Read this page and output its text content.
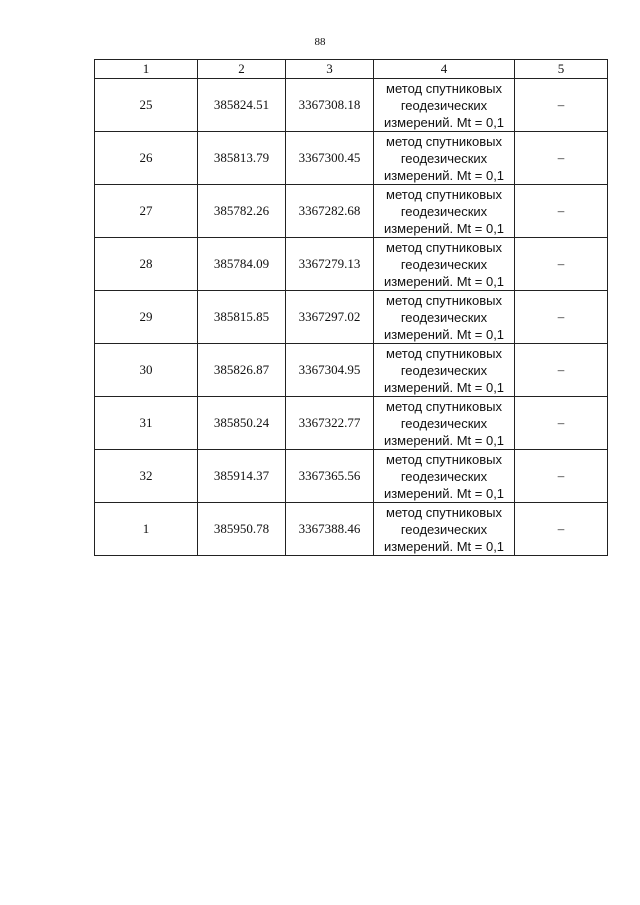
88
1	2	3	4	5
25	385824.51	3367308.18	метод спутниковых
геодезических
измерений. Mt = 0,1	–
26	385813.79	3367300.45	метод спутниковых
геодезических
измерений. Mt = 0,1	–
27	385782.26	3367282.68	метод спутниковых
геодезических
измерений. Mt = 0,1	–
28	385784.09	3367279.13	метод спутниковых
геодезических
измерений. Mt = 0,1	–
29	385815.85	3367297.02	метод спутниковых
геодезических
измерений. Mt = 0,1	–
30	385826.87	3367304.95	метод спутниковых
геодезических
измерений. Mt = 0,1	–
31	385850.24	3367322.77	метод спутниковых
геодезических
измерений. Mt = 0,1	–
32	385914.37	3367365.56	метод спутниковых
геодезических
измерений. Mt = 0,1	–
1	385950.78	3367388.46	метод спутниковых
геодезических
измерений. Mt = 0,1	–
